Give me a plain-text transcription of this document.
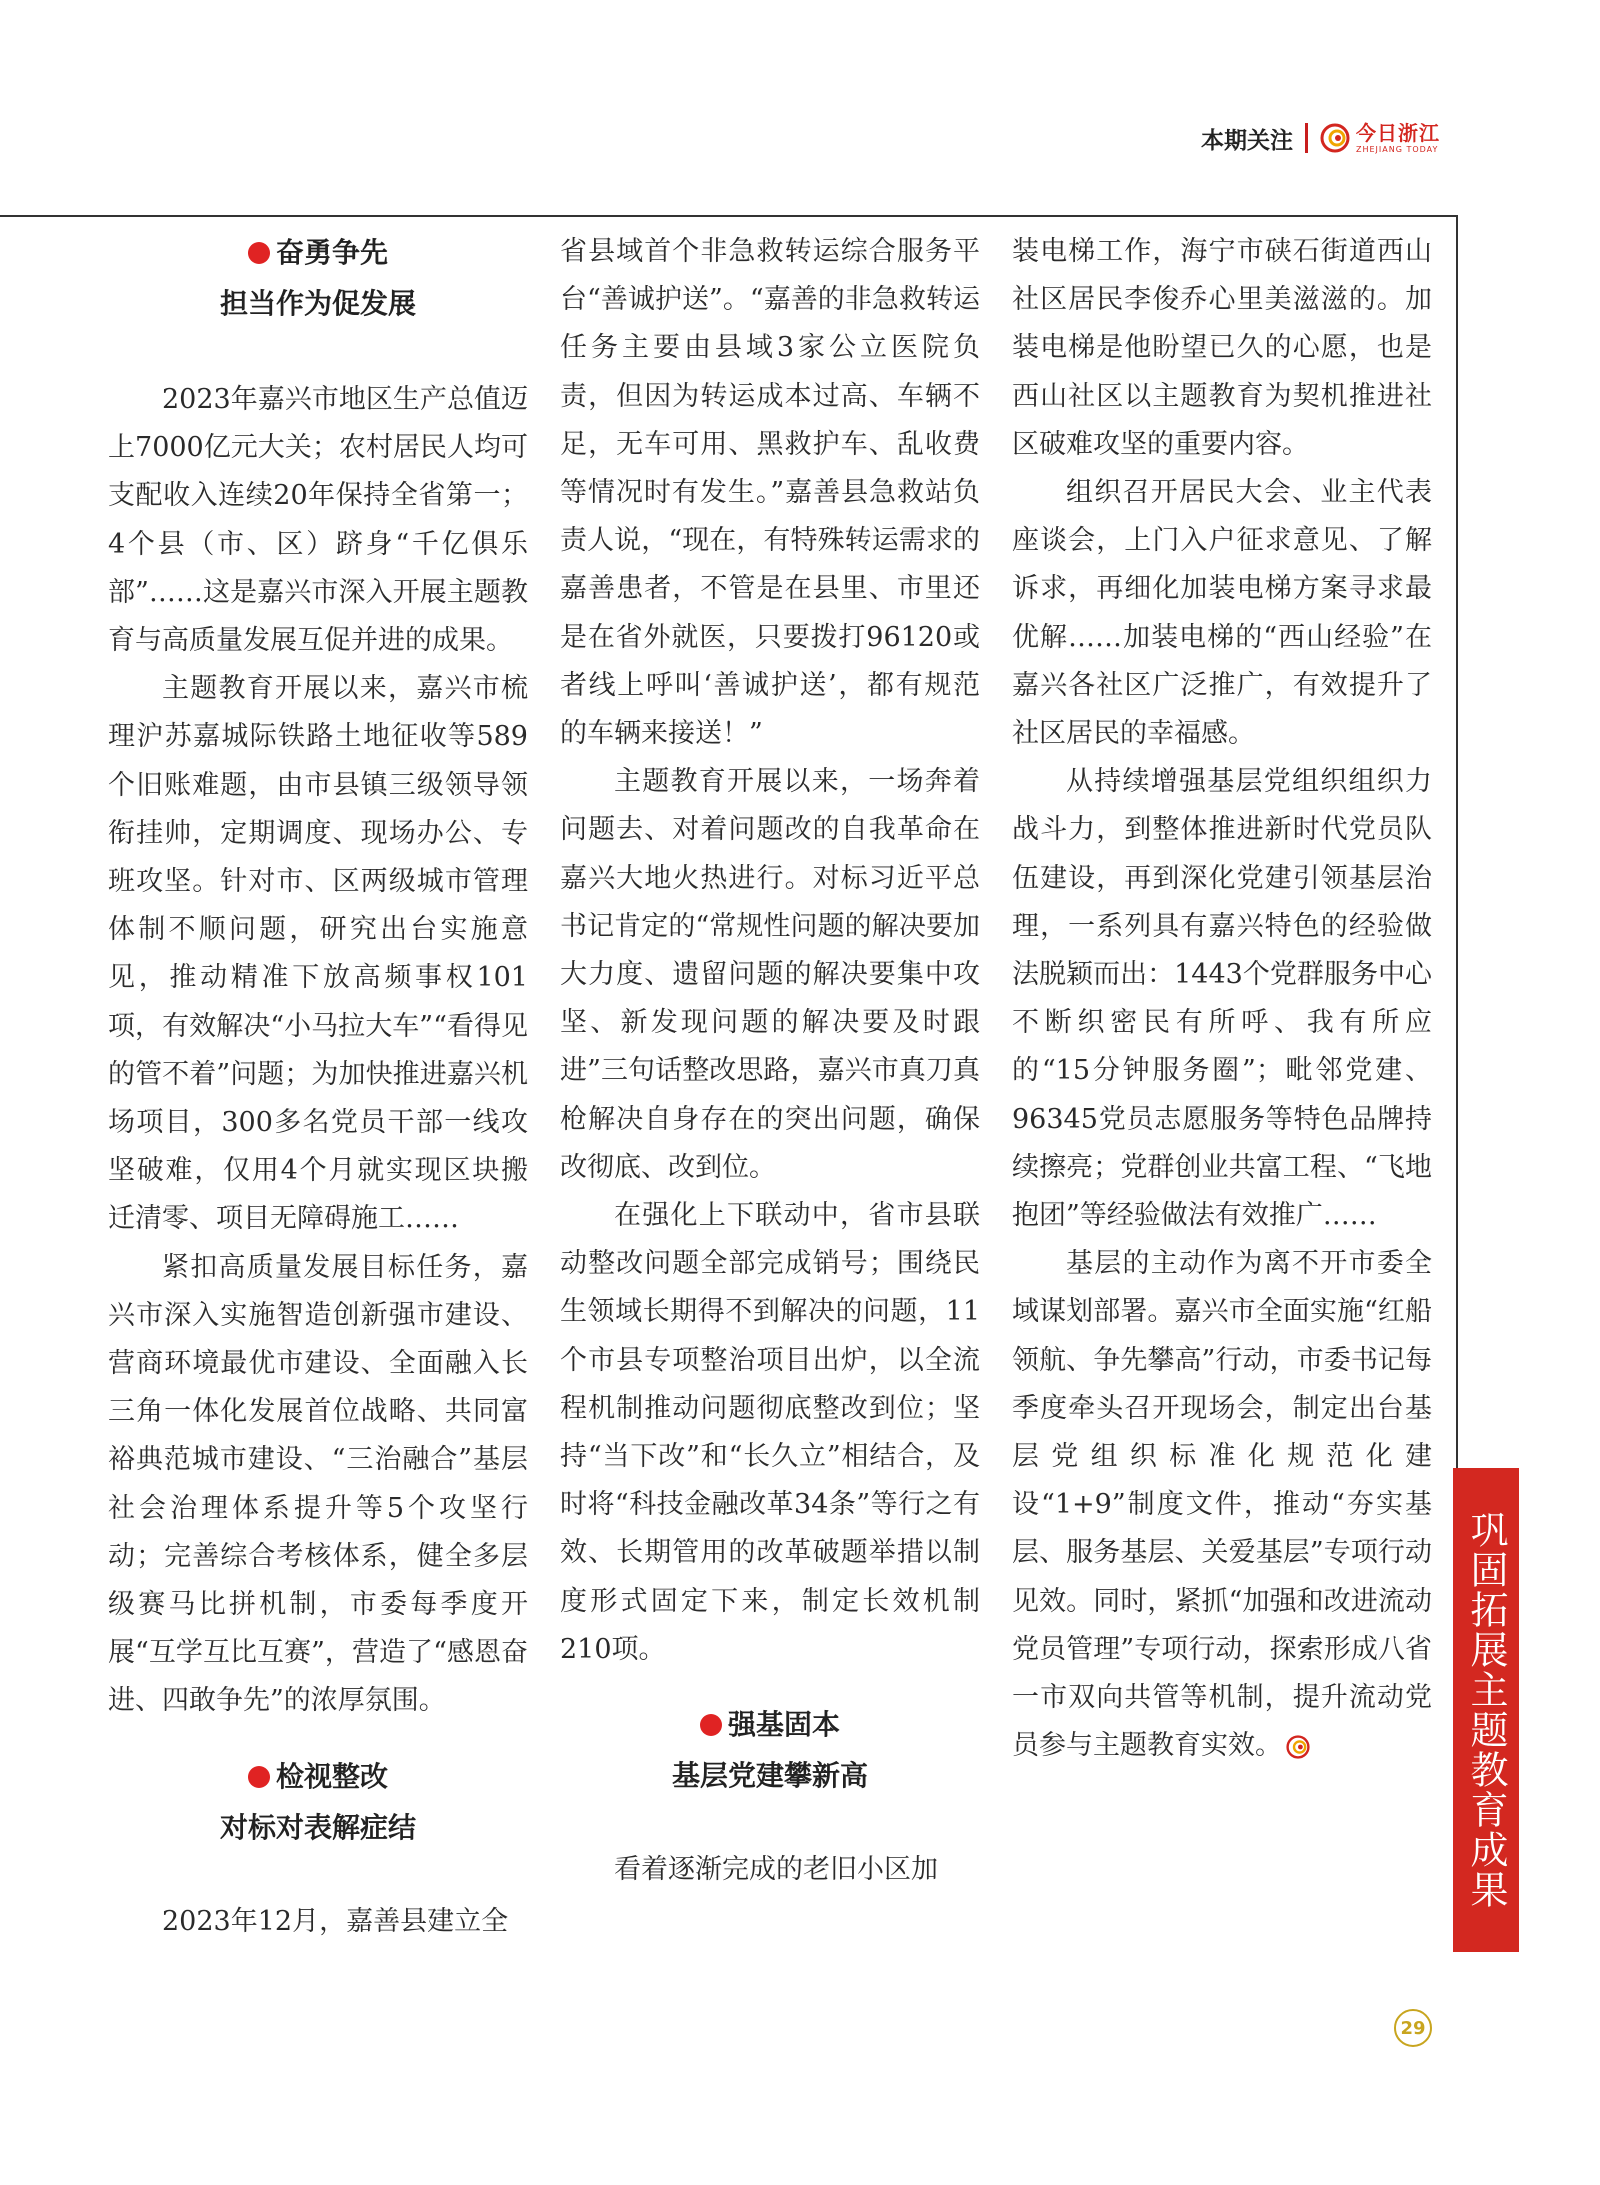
本期关注	今日浙江
ZHEJIANG TODAY
奋勇争先
担当作为促发展

2023年嘉兴市地区生产总值迈上7000亿元大关；农村居民人均可支配收入连续20年保持全省第一；4个县（市、区）跻身“千亿俱乐部”……这是嘉兴市深入开展主题教育与高质量发展互促并进的成果。

主题教育开展以来，嘉兴市梳理沪苏嘉城际铁路土地征收等589个旧账难题，由市县镇三级领导领衔挂帅，定期调度、现场办公、专班攻坚。针对市、区两级城市管理体制不顺问题，研究出台实施意见，推动精准下放高频事权101项，有效解决“小马拉大车”“看得见的管不着”问题；为加快推进嘉兴机场项目，300多名党员干部一线攻坚破难，仅用4个月就实现区块搬迁清零、项目无障碍施工……

紧扣高质量发展目标任务，嘉兴市深入实施智造创新强市建设、营商环境最优市建设、全面融入长三角一体化发展首位战略、共同富裕典范城市建设、“三治融合”基层社会治理体系提升等5个攻坚行动；完善综合考核体系，健全多层级赛马比拼机制，市委每季度开展“互学互比互赛”，营造了“感恩奋进、四敢争先”的浓厚氛围。

检视整改
对标对表解症结

2023年12月，嘉善县建立全

省县域首个非急救转运综合服务平台“善诚护送”。“嘉善的非急救转运任务主要由县域3家公立医院负责，但因为转运成本过高、车辆不足，无车可用、黑救护车、乱收费等情况时有发生。”嘉善县急救站负责人说，“现在，有特殊转运需求的嘉善患者，不管是在县里、市里还是在省外就医，只要拨打96120或者线上呼叫‘善诚护送’，都有规范的车辆来接送！”

主题教育开展以来，一场奔着问题去、对着问题改的自我革命在嘉兴大地火热进行。对标习近平总书记肯定的“常规性问题的解决要加大力度、遗留问题的解决要集中攻坚、新发现问题的解决要及时跟进”三句话整改思路，嘉兴市真刀真枪解决自身存在的突出问题，确保改彻底、改到位。

在强化上下联动中，省市县联动整改问题全部完成销号；围绕民生领域长期得不到解决的问题，11个市县专项整治项目出炉，以全流程机制推动问题彻底整改到位；坚持“当下改”和“长久立”相结合，及时将“科技金融改革34条”等行之有效、长期管用的改革破题举措以制度形式固定下来，制定长效机制210项。

强基固本
基层党建攀新高

看着逐渐完成的老旧小区加

装电梯工作，海宁市硖石街道西山社区居民李俊乔心里美滋滋的。加装电梯是他盼望已久的心愿，也是西山社区以主题教育为契机推进社区破难攻坚的重要内容。

组织召开居民大会、业主代表座谈会，上门入户征求意见、了解诉求，再细化加装电梯方案寻求最优解……加装电梯的“西山经验”在嘉兴各社区广泛推广，有效提升了社区居民的幸福感。

从持续增强基层党组织组织力战斗力，到整体推进新时代党员队伍建设，再到深化党建引领基层治理，一系列具有嘉兴特色的经验做法脱颖而出：1443个党群服务中心不断织密民有所呼、我有所应的“15分钟服务圈”；毗邻党建、96345党员志愿服务等特色品牌持续擦亮；党群创业共富工程、“飞地抱团”等经验做法有效推广……

基层的主动作为离不开市委全域谋划部署。嘉兴市全面实施“红船领航、争先攀高”行动，市委书记每季度牵头召开现场会，制定出台基层党组织标准化规范化建设“1+9”制度文件，推动“夯实基层、服务基层、关爱基层”专项行动见效。同时，紧抓“加强和改进流动党员管理”专项行动，探索形成八省一市双向共管等机制，提升流动党员参与主题教育实效。	巩固拓展主题教育成果
29
